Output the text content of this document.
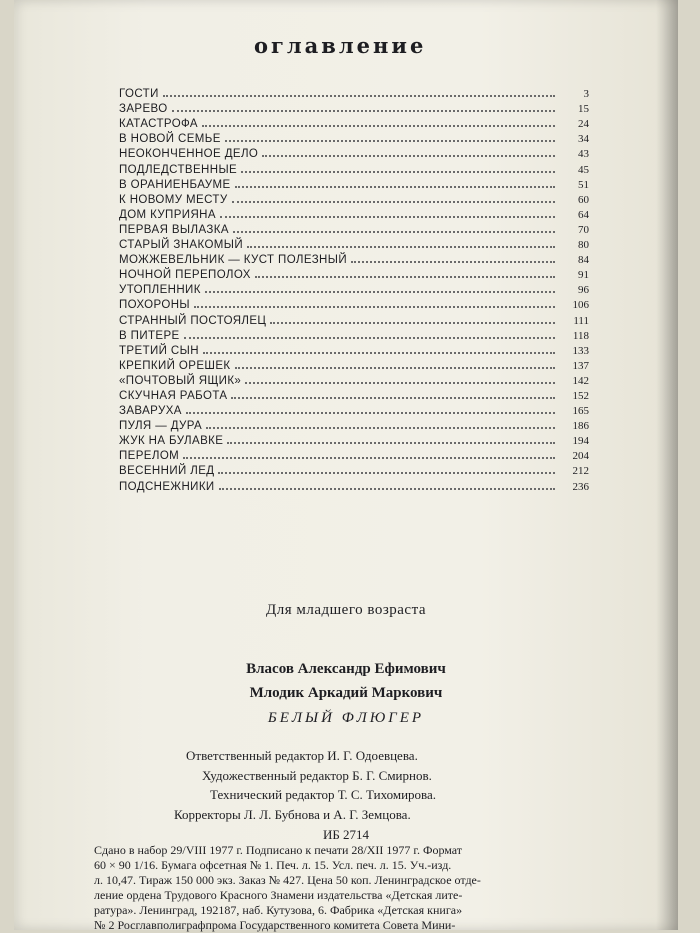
оглавление
ГОСТИ	3
ЗАРЕВО	15
КАТАСТРОФА	24
В НОВОЙ СЕМЬЕ	34
НЕОКОНЧЕННОЕ ДЕЛО	43
ПОДЛЕДСТВЕННЫЕ	45
В ОРАНИЕНБАУМЕ	51
К НОВОМУ МЕСТУ	60
ДОМ КУПРИЯНА	64
ПЕРВАЯ ВЫЛАЗКА	70
СТАРЫЙ ЗНАКОМЫЙ	80
МОЖЖЕВЕЛЬНИК — КУСТ ПОЛЕЗНЫЙ	84
НОЧНОЙ ПЕРЕПОЛОХ	91
УТОПЛЕННИК	96
ПОХОРОНЫ	106
СТРАННЫЙ ПОСТОЯЛЕЦ	111
В ПИТЕРЕ	118
ТРЕТИЙ СЫН	133
КРЕПКИЙ ОРЕШЕК	137
«ПОЧТОВЫЙ ЯЩИК»	142
СКУЧНАЯ РАБОТА	152
ЗАВАРУХА	165
ПУЛЯ — ДУРА	186
ЖУК НА БУЛАВКЕ	194
ПЕРЕЛОМ	204
ВЕСЕННИЙ ЛЕД	212
ПОДСНЕЖНИКИ	236
Для младшего возраста
Власов Александр Ефимович
Млодик Аркадий Маркович
БЕЛЫЙ ФЛЮГЕР
Ответственный редактор И. Г. Одоевцева.
Художественный редактор Б. Г. Смирнов.
Технический редактор Т. С. Тихомирова.
Корректоры Л. Л. Бубнова и А. Г. Земцова.
ИБ 2714
Сдано в набор 29/VIII 1977 г. Подписано к печати 28/XII 1977 г. Формат
60 × 90 1/16. Бумага офсетная № 1. Печ. л. 15. Усл. печ. л. 15. Уч.-изд.
л. 10,47. Тираж 150 000 экз. Заказ № 427. Цена 50 коп. Ленинградское отде-
ление ордена Трудового Красного Знамени издательства «Детская лите-
ратура». Ленинград, 192187, наб. Кутузова, 6. Фабрика «Детская книга»
№ 2 Росглавполиграфпрома Государственного комитета Совета Мини-
